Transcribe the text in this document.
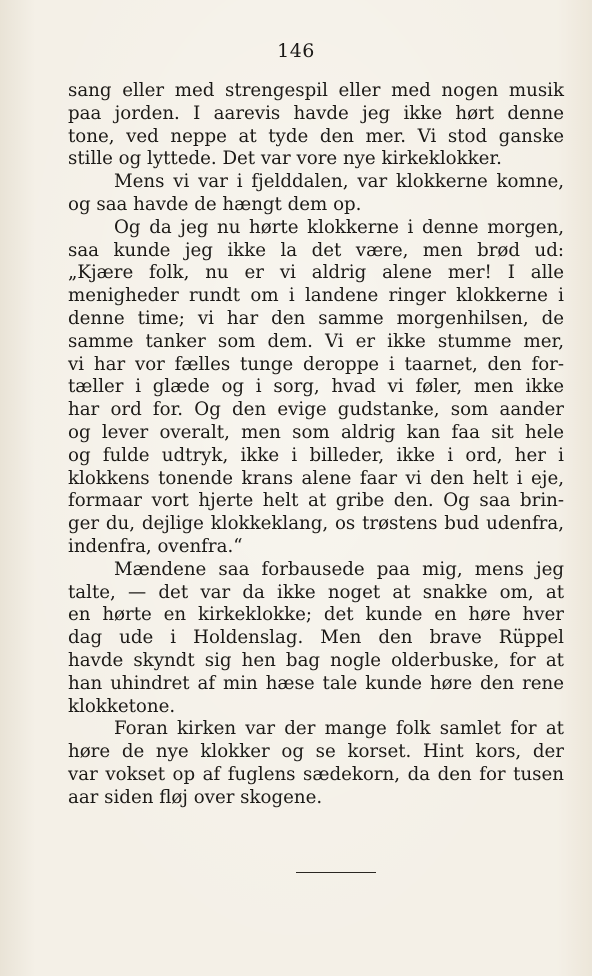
146
sang eller med strengespil eller med nogen musik
paa jorden. I aarevis havde jeg ikke hørt denne
tone, ved neppe at tyde den mer. Vi stod ganske
stille og lyttede. Det var vore nye kirkeklokker.
Mens vi var i fjelddalen, var klokkerne komne,
og saa havde de hængt dem op.
Og da jeg nu hørte klokkerne i denne morgen,
saa kunde jeg ikke la det være, men brød ud:
„Kjære folk, nu er vi aldrig alene mer! I alle
menigheder rundt om i landene ringer klokkerne i
denne time; vi har den samme morgenhilsen, de
samme tanker som dem. Vi er ikke stumme mer,
vi har vor fælles tunge deroppe i taarnet, den for-
tæller i glæde og i sorg, hvad vi føler, men ikke
har ord for. Og den evige gudstanke, som aander
og lever overalt, men som aldrig kan faa sit hele
og fulde udtryk, ikke i billeder, ikke i ord, her i
klokkens tonende krans alene faar vi den helt i eje,
formaar vort hjerte helt at gribe den. Og saa brin-
ger du, dejlige klokkeklang, os trøstens bud udenfra,
indenfra, ovenfra.“
Mændene saa forbausede paa mig, mens jeg
talte, — det var da ikke noget at snakke om, at
en hørte en kirkeklokke; det kunde en høre hver
dag ude i Holdenslag. Men den brave Rüppel
havde skyndt sig hen bag nogle olderbuske, for at
han uhindret af min hæse tale kunde høre den rene
klokketone.
Foran kirken var der mange folk samlet for at
høre de nye klokker og se korset. Hint kors, der
var vokset op af fuglens sædekorn, da den for tusen
aar siden fløj over skogene.
